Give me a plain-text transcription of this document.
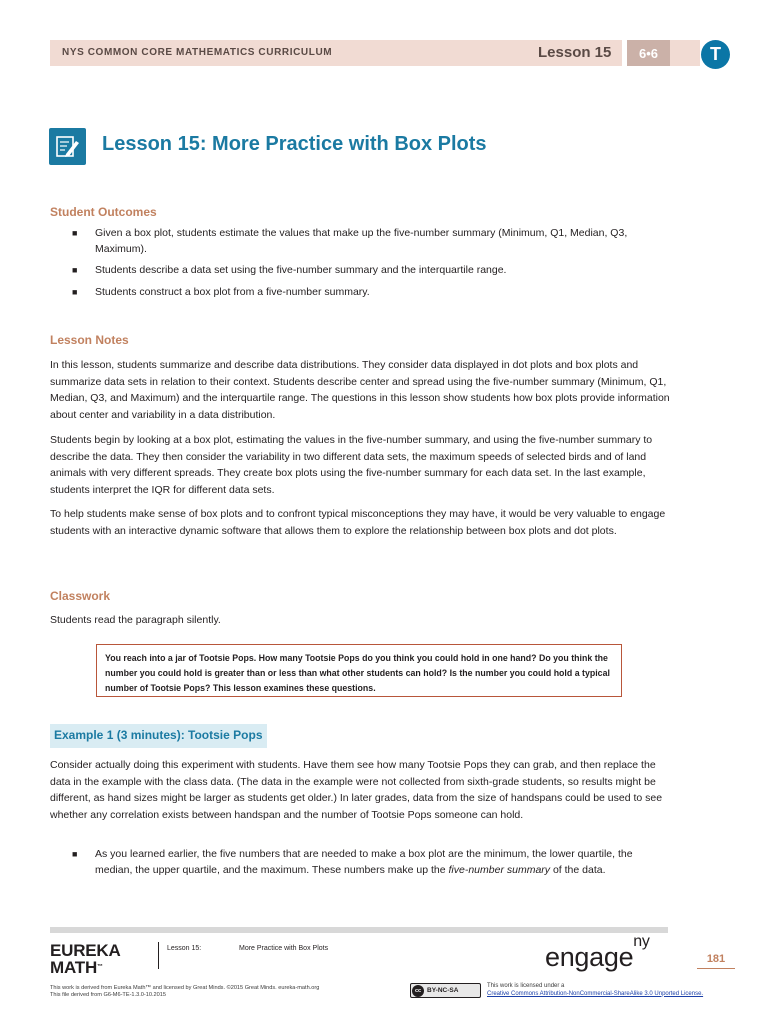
NYS COMMON CORE MATHEMATICS CURRICULUM	Lesson 15	6•6	T
Lesson 15: More Practice with Box Plots
Student Outcomes
■ Given a box plot, students estimate the values that make up the five-number summary (Minimum, Q1, Median, Q3, Maximum).
■ Students describe a data set using the five-number summary and the interquartile range.
■ Students construct a box plot from a five-number summary.
Lesson Notes

In this lesson, students summarize and describe data distributions. They consider data displayed in dot plots and box plots and summarize data sets in relation to their context. Students describe center and spread using the five-number summary (Minimum, Q1, Median, Q3, and Maximum) and the interquartile range. The questions in this lesson show students how box plots provide information about center and variability in a data distribution.

Students begin by looking at a box plot, estimating the values in the five-number summary, and using the five-number summary to describe the data. They then consider the variability in two different data sets, the maximum speeds of selected birds and of land animals with very different spreads. They create box plots using the five-number summary for each data set. In the last example, students interpret the IQR for different data sets.

To help students make sense of box plots and to confront typical misconceptions they may have, it would be very valuable to engage students with an interactive dynamic software that allows them to explore the relationship between box plots and dot plots.

Classwork

Students read the paragraph silently.

You reach into a jar of Tootsie Pops. How many Tootsie Pops do you think you could hold in one hand? Do you think the number you could hold is greater than or less than what other students can hold? Is the number you could hold a typical number of Tootsie Pops? This lesson examines these questions.
Example 1 (3 minutes): Tootsie Pops

Consider actually doing this experiment with students. Have them see how many Tootsie Pops they can grab, and then replace the data in the example with the class data. (The data in the example were not collected from sixth-grade students, so results might be different, as hand sizes might be larger as students get older.) In later grades, data from the size of handspans could be used to see whether any correlation exists between handspan and the number of Tootsie Pops someone can hold.

■ As you learned earlier, the five numbers that are needed to make a box plot are the minimum, the lower quartile, the median, the upper quartile, and the maximum. These numbers make up the five-number summary of the data.
EUREKA
MATH™
Lesson 15:	More Practice with Box Plots	engage$^{ny}$
181
This work is derived from Eureka Math™ and licensed by Great Minds. ©2015 Great Minds. eureka-math.org
This file derived from G6-M6-TE-1.3.0-10.2015
cc BY-NC-SA
This work is licensed under a
Creative Commons Attribution-NonCommercial-ShareAlike 3.0 Unported License.
